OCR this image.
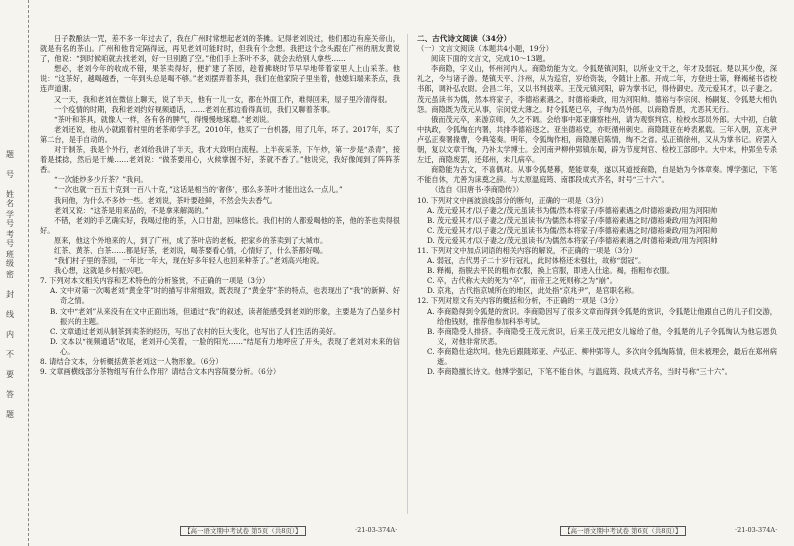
题
号
姓名
学号
考号
班级
密
封
线
内
不
要
答
题

日子教酿法一咒，差不多一年过去了，我在广州时常想起老刘的茶摊。记得老刘说过，他们那边有座关帝山，就是有名的茶山。广州和他肯定隔得远，再见老刘可能时时，但我有个念想。我把这个念头跟在广州的朋友黄说了，他说：“到时候咱就去找老刘，好一旦别跑了空。”他们手上茶叶不多，就会去给别人拿些……

想必，老刘今年的收成不错，果茶卖得好，便扩建了茶园，趁着拂晓时节早早地带着家里人上山采茶。他说：“这茶好，越喝越香，一年到头总是喝不够。”老刘摆弄着茶具，我们在他家院子里坐着，他媳妇端来茶点，我连声道谢。

又一天，我和老刘在微信上聊天，说了半天，他有一儿一女，都在外面工作，难得回来，屋子里冷清得很。

一个疫情的时期，我和老刘约好视频通话，……老刘在那边看得真切，我们又聊着茶事。

“茶叶和茶具，就像人一样，各有各的脾气，得慢慢地琢磨。”老刘说。

老刘还说，他从小就跟着村里的老茶师学手艺，2010年，他买了一台机器，用了几年，坏了。2017年，买了第二台，是手自动的。

对于制茶，我是个外行，老刘给我讲了半天，我才大致明白流程。上半夜采茶，下午炒，第一步是“杀青”，接着是揉捻，然后是干燥……老刘说：“做茶要用心，火候掌握不好，茶就不香了。”他说完，我好像闻到了阵阵茶香。

“一次能炒多少斤茶？”我问。

“一次也就一百五十克到一百八十克，”这话是相当的‘奢侈’，那么多茶叶才能出这么一点儿。”

我问他，为什么不多炒一些。老刘说，茶叶要趁鲜，不然会失去香气。

老刘又说：“这茶是用来品的，不是拿来解渴的。”

不错，老刘的手艺确实好，我喝过他的茶，入口甘甜，回味悠长。我们村的人都爱喝他的茶，他的茶也卖得很好。

原来，他这个外地来的人，到了广州，成了茶叶店的老板，把家乡的茶卖到了大城市。

红茶、黄茶、白茶……都是好茶，老刘说，喝茶要看心情，心情好了，什么茶都好喝。

“我们村子里的茶园，一年比一年大，现在好多年轻人也回来种茶了。”老刘高兴地说。

我心想，这就是乡村振兴吧。

7. 下列对本文相关内容和艺术特色的分析鉴赏，不正确的一项是（3分）

A. 文中对第一次喝老刘“黄金芽”时的描写非常细致，既表现了“黄金芽”茶的特点，也表现出了“我”的新鲜、好奇之情。

B. 文中“老刘”从来没有在文中正面出场，但通过“我”的叙述，读者能感受到老刘的形象，主要是为了凸显乡村振兴的主题。

C. 文章通过老刘从制茶到卖茶的经历，写出了农村的巨大变化，也写出了人们生活的美好。

D. 文本以“视频通话”收尾，老刘开心笑着，一脸的阳光……“结尾有力地呼应了开头，表现了老刘对未来的信心。

8. 请结合文本，分析概括黄茶老刘这一人物形象。（6分）

9. 文章画横线部分茶物组写有什么作用？请结合文本内容简要分析。（6分）

二、古代诗文阅读（34分）

（一）文言文阅读（本题共4小题，19分）

阅读下面的文言文，完成10～13题。

李商隐，字义山，怀州河内人。商隐幼能为文。令狐楚镇河阳，以所业文干之，年才及弱冠。楚以其少俊，深礼之，令与诸子游。楚镇天平、汴州，从为巡官，岁给资装，令随计上都。开成二年，方登进士第，释褐秘书省校书郎，调补弘农尉。会昌二年，又以书判拔萃。王茂元镇河阳，辟为掌书记，得侍御史。茂元爱其才，以子妻之。茂元虽读书为儒，然本将家子，李德裕素遇之，时德裕秉政，用为河阳帅。德裕与李宗闵、杨嗣复、令狐楚大相仇怨。商隐既为茂元从事，宗闵党大薄之。时令狐楚已卒，子绹为员外郎，以商隐背恩，尤恶其无行。

俄而茂元卒，来游京师，久之不调。会给事中郑亚廉察桂州，请为观察判官、检校水部员外郎。大中初，白敏中执政，令狐绹在内署，共排李德裕逐之。亚坐德裕党，亦贬循州刺史。商隐随亚在岭表累载。三年入朝，京兆尹卢弘正奏署掾曹，令典笺奏。明年，令狐绹作相，商隐屡启陈情，绹不之省。弘正镇徐州，又从为掌书记。府罢入朝，复以文章干绹，乃补太学博士。会河南尹柳仲郢镇东蜀，辟为节度判官、检校工部郎中。大中末，仲郢坐专杀左迁，商隐废罢，还郑州，未几病卒。

商隐能为古文，不喜偶对。从事令狐楚幕，楚能章奏，遂以其道授商隐，自是始为今体章奏。博学强记，下笔不能自休，尤善为诔奠之辞。与太原温庭筠、南郡段成式齐名，时号“三十六”。

（选自《旧唐书·李商隐传》）

10. 下列对文中画波浪线部分的断句，正确的一项是（3分）

A. 茂元爱其才/以子妻之/茂元虽读书为儒/然本将家子/李德裕素遇之/时德裕秉政/用为河阳帅

B. 茂元爱其才/以子妻之/茂元虽读书/为儒然本将家子/李德裕素遇之时/德裕秉政/用为河阳帅

C. 茂元爱其才/以子妻之/茂元虽读书为儒/然本将家子/李德裕素遇之时/德裕秉政/用为河阳帅

D. 茂元爱其才/以子妻之/茂元虽读书/为儒然本将家子/李德裕素遇之/时德裕秉政/用为河阳帅

11. 下列对文中加点词语的相关内容的解说，不正确的一项是（3分）

A. 弱冠，古代男子二十岁行冠礼，此时体格还未强壮，故称“弱冠”。

B. 释褐，指脱去平民的粗布衣服，换上官服，即进入仕途。褐，指粗布衣服。

C. 卒，古代称大夫的死为“卒”，而帝王之死则称之为“崩”。

D. 京兆，古代指京城所在的地区，此处指“京兆尹”，是官职名称。

12. 下列对原文有关内容的概括和分析，不正确的一项是（3分）

A. 李商隐得到令狐楚的赏识。李商隐因写了很多文章而得到令狐楚的赏识，令狐楚让他跟自己的儿子们交游，给他钱财，推荐他参加科举考试。

B. 李商隐受人排挤。李商隐受王茂元赏识，后来王茂元把女儿嫁给了他，令狐楚的儿子令狐绹认为他忘恩负义，对他非常厌恶。

C. 李商隐仕途坎坷。他先后跟随郑亚、卢弘正、柳仲郢等人，多次向令狐绹陈情，但未被理会，最后在郑州病逝。

D. 李商隐擅长诗文。他博学强记，下笔不能自休，与温庭筠、段成式齐名，当时号称“三十六”。

【高一语文期中考试卷 第5页（共8页）】	·21-03-374A·	【高一语文期中考试卷 第6页（共8页）】	·21-03-374A·
